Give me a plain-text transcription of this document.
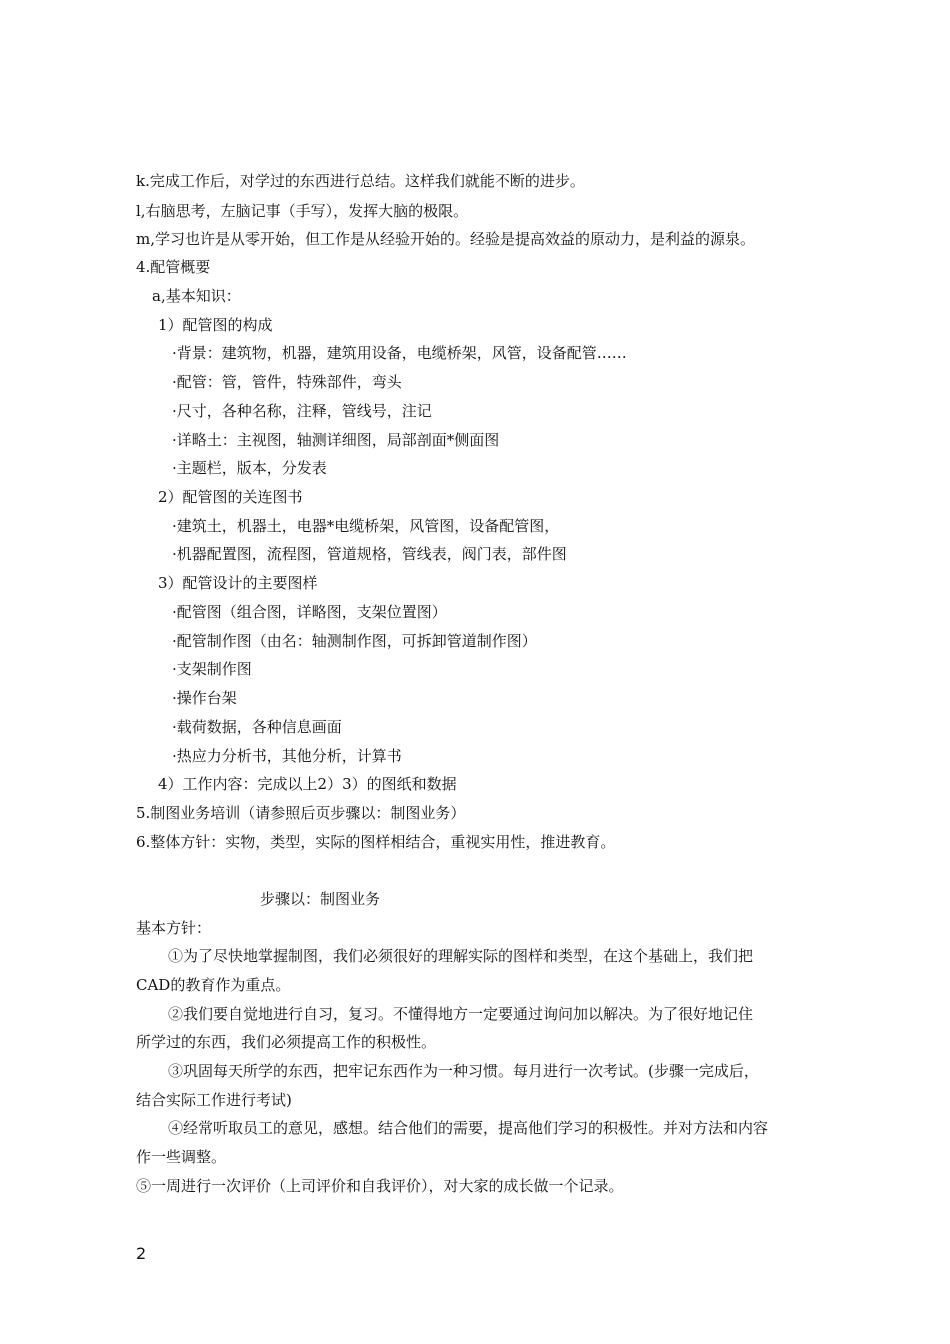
k.完成工作后，对学过的东西进行总结。这样我们就能不断的进步。
l,右脑思考，左脑记事（手写），发挥大脑的极限。
m,学习也许是从零开始，但工作是从经验开始的。经验是提高效益的原动力，是利益的源泉。
4.配管概要
a,基本知识：
1）配管图的构成
·背景：建筑物，机器，建筑用设备，电缆桥架，风管，设备配管……
·配管：管，管件，特殊部件，弯头
·尺寸，各种名称，注释，管线号，注记
·详略土：主视图，轴测详细图，局部剖面*侧面图
·主题栏，版本，分发表
2）配管图的关连图书
·建筑土，机器土，电器*电缆桥架，风管图，设备配管图，
·机器配置图，流程图，管道规格，管线表，阀门表，部件图
3）配管设计的主要图样
·配管图（组合图，详略图，支架位置图）
·配管制作图（由名：轴测制作图，可拆卸管道制作图）
·支架制作图
·操作台架
·载荷数据，各种信息画面
·热应力分析书，其他分析，计算书
4）工作内容：完成以上2）3）的图纸和数据
5.制图业务培训（请参照后页步骤以：制图业务）
6.整体方针：实物，类型，实际的图样相结合，重视实用性，推进教育。
步骤以：制图业务
基本方针：
①为了尽快地掌握制图，我们必须很好的理解实际的图样和类型，在这个基础上，我们把
CAD的教育作为重点。
②我们要自觉地进行自习，复习。不懂得地方一定要通过询问加以解决。为了很好地记住
所学过的东西，我们必须提高工作的积极性。
③巩固每天所学的东西，把牢记东西作为一种习惯。每月进行一次考试。(步骤一完成后，
结合实际工作进行考试)
④经常听取员工的意见，感想。结合他们的需要，提高他们学习的积极性。并对方法和内容
作一些调整。
⑤一周进行一次评价（上司评价和自我评价），对大家的成长做一个记录。
2
